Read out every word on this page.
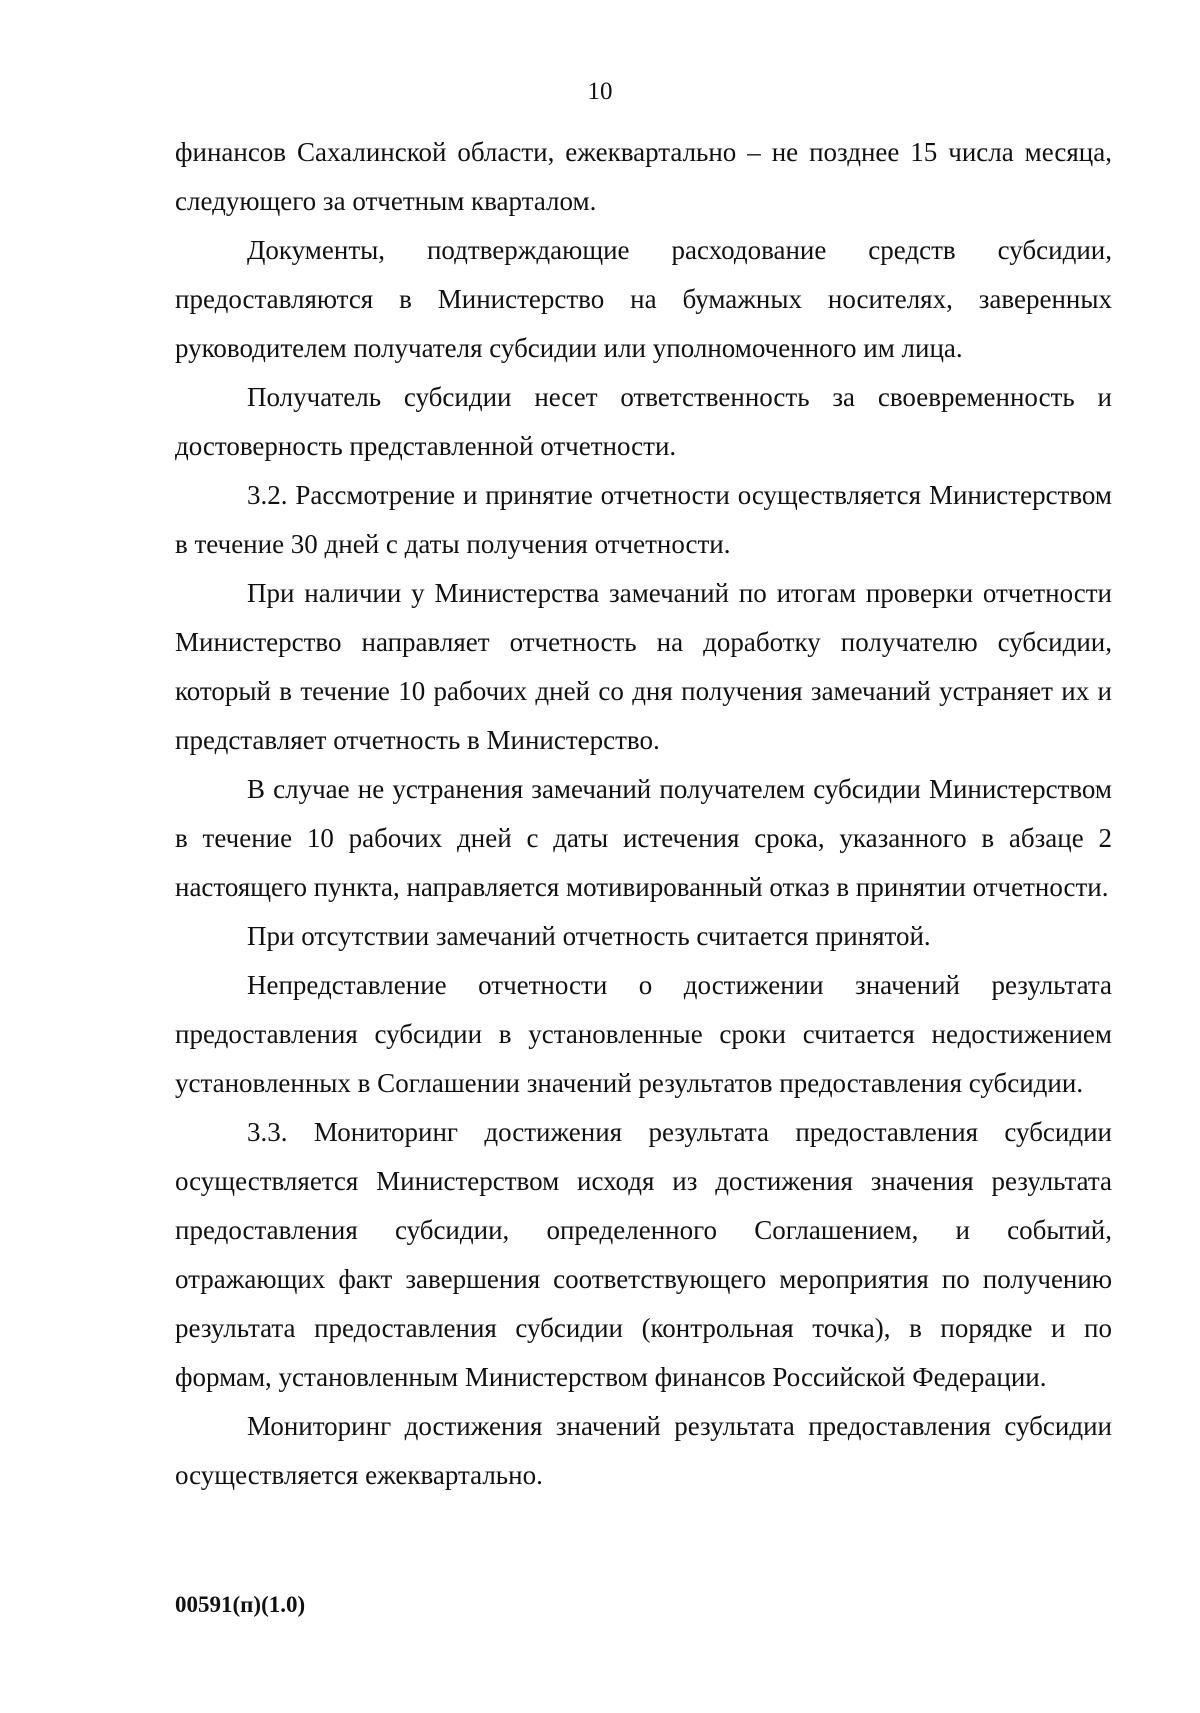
10

финансов Сахалинской области, ежеквартально – не позднее 15 числа месяца, следующего за отчетным кварталом.

Документы, подтверждающие расходование средств субсидии, предоставляются в Министерство на бумажных носителях, заверенных руководителем получателя субсидии или уполномоченного им лица.

Получатель субсидии несет ответственность за своевременность и достоверность представленной отчетности.

3.2. Рассмотрение и принятие отчетности осуществляется Министерством в течение 30 дней с даты получения отчетности.

При наличии у Министерства замечаний по итогам проверки отчетности Министерство направляет отчетность на доработку получателю субсидии, который в течение 10 рабочих дней со дня получения замечаний устраняет их и представляет отчетность в Министерство.

В случае не устранения замечаний получателем субсидии Министерством в течение 10 рабочих дней с даты истечения срока, указанного в абзаце 2 настоящего пункта, направляется мотивированный отказ в принятии отчетности.

При отсутствии замечаний отчетность считается принятой.

Непредставление отчетности о достижении значений результата предоставления субсидии в установленные сроки считается недостижением установленных в Соглашении значений результатов предоставления субсидии.

3.3. Мониторинг достижения результата предоставления субсидии осуществляется Министерством исходя из достижения значения результата предоставления субсидии, определенного Соглашением, и событий, отражающих факт завершения соответствующего мероприятия по получению результата предоставления субсидии (контрольная точка), в порядке и по формам, установленным Министерством финансов Российской Федерации.

Мониторинг достижения значений результата предоставления субсидии осуществляется ежеквартально.

00591(п)(1.0)
